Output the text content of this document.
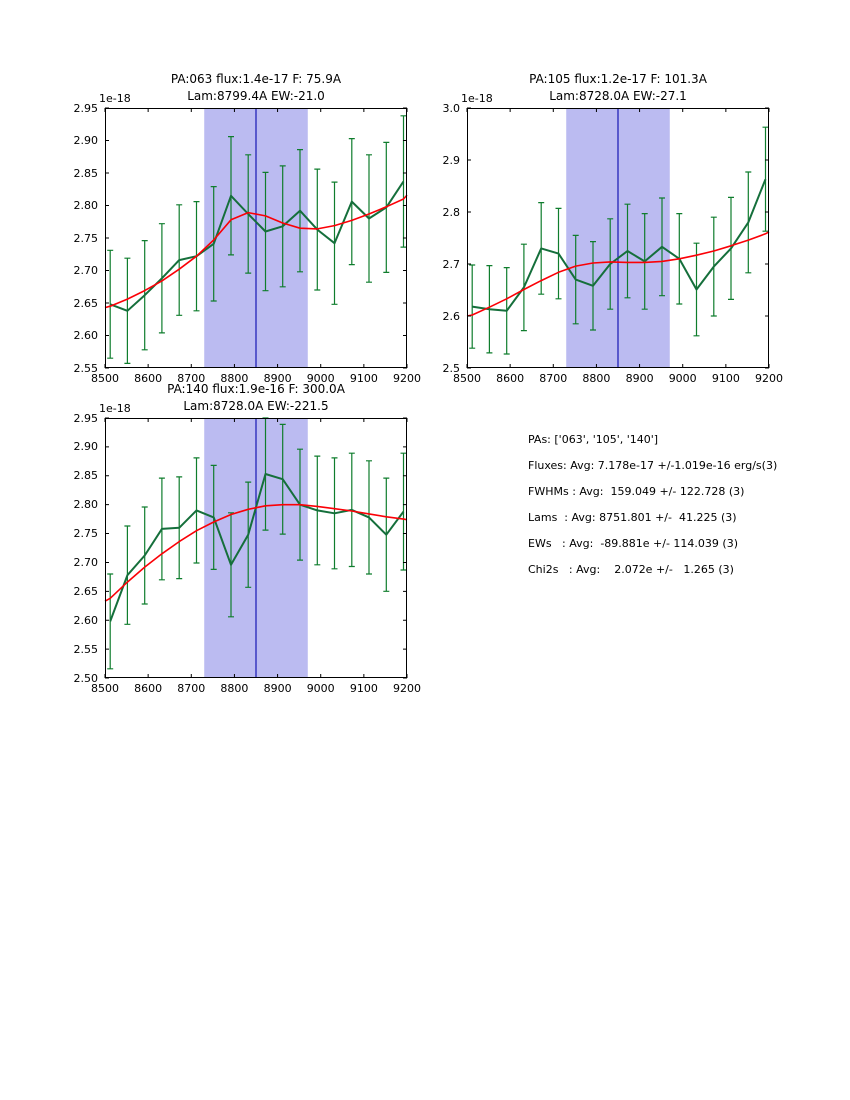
PA:063 flux:1.4e-17 F: 75.9A
Lam:8799.4A EW:-21.0
1e-18
2.55
2.60
2.65
2.70
2.75
2.80
2.85
2.90
2.95
8500	8600	8700	8800	8900	9000	9100	9200
PA:105 flux:1.2e-17 F: 101.3A
Lam:8728.0A EW:-27.1
1e-18
2.5
2.6
2.7
2.8
2.9
3.0
8500	8600	8700	8800	8900	9000	9100	9200
PA:140 flux:1.9e-16 F: 300.0A
Lam:8728.0A EW:-221.5
1e-18
2.50
2.55
2.60
2.65
2.70
2.75
2.80
2.85
2.90
2.95
8500	8600	8700	8800	8900	9000	9100	9200
PAs: ['063', '105', '140']
Fluxes: Avg: 7.178e-17 +/-1.019e-16 erg/s(3)
FWHMs : Avg:  159.049 +/- 122.728 (3)
Lams  : Avg: 8751.801 +/-  41.225 (3)
EWs   : Avg:  -89.881e +/- 114.039 (3)
Chi2s   : Avg:    2.072e +/-   1.265 (3)
